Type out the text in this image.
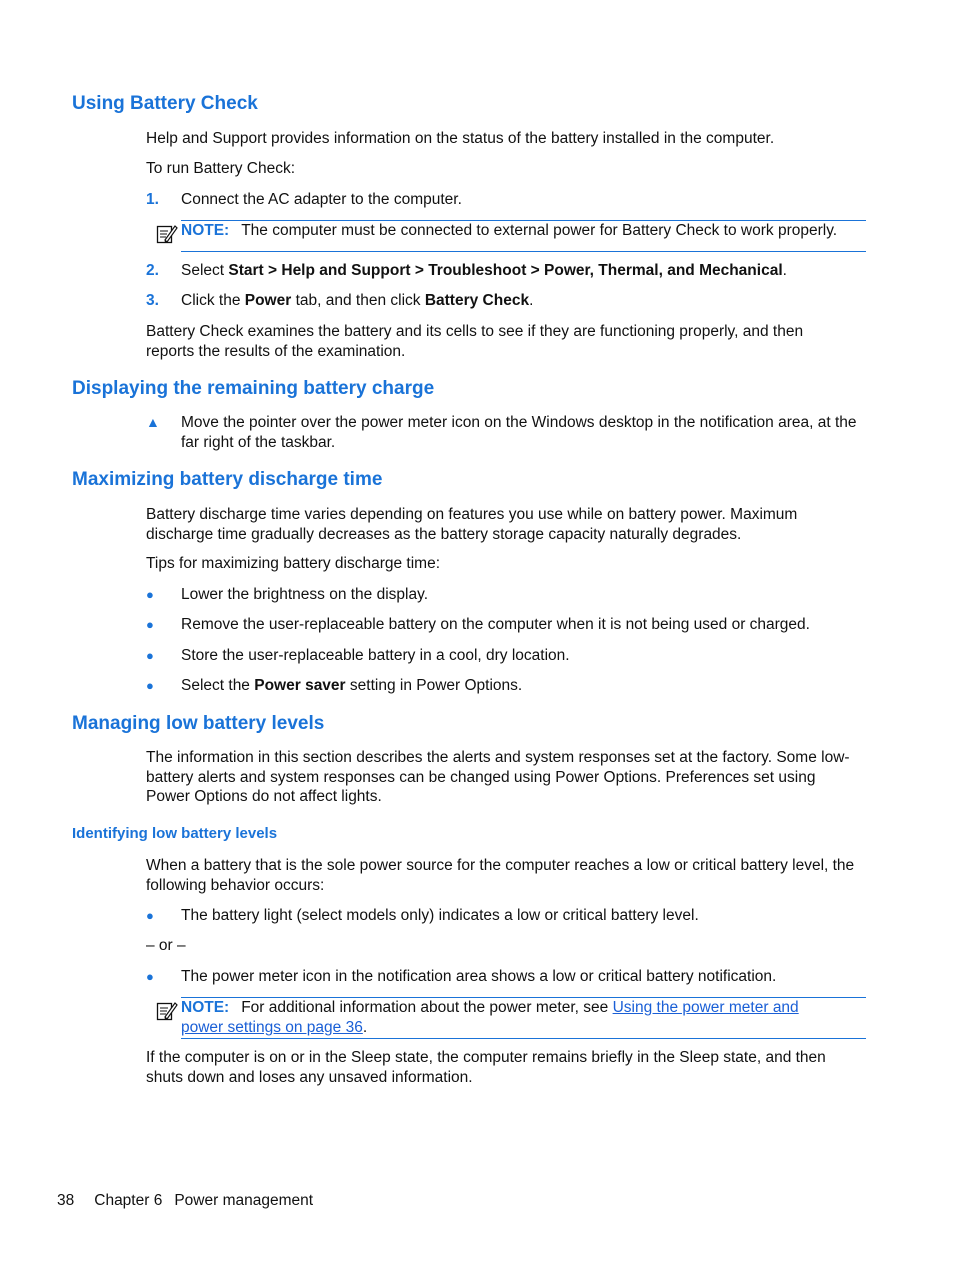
Using Battery Check
Help and Support provides information on the status of the battery installed in the computer.
To run Battery Check:
1. Connect the AC adapter to the computer.
NOTE: The computer must be connected to external power for Battery Check to work properly.
2. Select Start > Help and Support > Troubleshoot > Power, Thermal, and Mechanical.
3. Click the Power tab, and then click Battery Check.
Battery Check examines the battery and its cells to see if they are functioning properly, and then reports the results of the examination.
Displaying the remaining battery charge
▲ Move the pointer over the power meter icon on the Windows desktop in the notification area, at the far right of the taskbar.
Maximizing battery discharge time
Battery discharge time varies depending on features you use while on battery power. Maximum discharge time gradually decreases as the battery storage capacity naturally degrades.
Tips for maximizing battery discharge time:
● Lower the brightness on the display.
● Remove the user-replaceable battery on the computer when it is not being used or charged.
● Store the user-replaceable battery in a cool, dry location.
● Select the Power saver setting in Power Options.
Managing low battery levels
The information in this section describes the alerts and system responses set at the factory. Some low-battery alerts and system responses can be changed using Power Options. Preferences set using Power Options do not affect lights.
Identifying low battery levels
When a battery that is the sole power source for the computer reaches a low or critical battery level, the following behavior occurs:
● The battery light (select models only) indicates a low or critical battery level.
– or –
● The power meter icon in the notification area shows a low or critical battery notification.
NOTE: For additional information about the power meter, see Using the power meter and power settings on page 36.
If the computer is on or in the Sleep state, the computer remains briefly in the Sleep state, and then shuts down and loses any unsaved information.
38 Chapter 6 Power management
